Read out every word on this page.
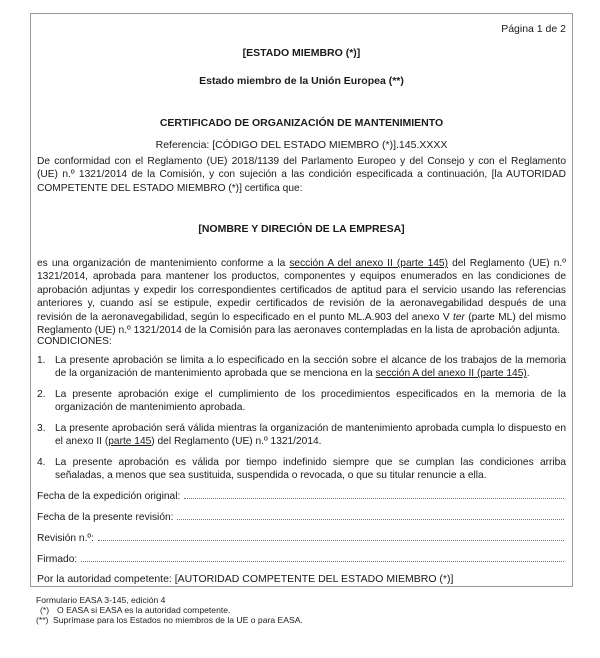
Página 1 de 2
[ESTADO MIEMBRO (*)]
Estado miembro de la Unión Europea (**)
CERTIFICADO DE ORGANIZACIÓN DE MANTENIMIENTO
Referencia: [CÓDIGO DEL ESTADO MIEMBRO (*)].145.XXXX
De conformidad con el Reglamento (UE) 2018/1139 del Parlamento Europeo y del Consejo y con el Reglamento (UE) n.º 1321/2014 de la Comisión, y con sujeción a las condición especificada a continuación, [la AUTORIDAD COMPETENTE DEL ESTADO MIEMBRO (*)] certifica que:
[NOMBRE Y DIRECIÓN DE LA EMPRESA]
es una organización de mantenimiento conforme a la sección A del anexo II (parte 145) del Reglamento (UE) n.º 1321/2014, aprobada para mantener los productos, componentes y equipos enumerados en las condiciones de aprobación adjuntas y expedir los correspondientes certificados de aptitud para el servicio usando las referencias anteriores y, cuando así se estipule, expedir certificados de revisión de la aeronavegabilidad después de una revisión de la aeronavegabilidad, según lo especificado en el punto ML.A.903 del anexo V ter (parte ML) del mismo Reglamento (UE) n.º 1321/2014 de la Comisión para las aeronaves contempladas en la lista de aprobación adjunta.
CONDICIONES:
1. La presente aprobación se limita a lo especificado en la sección sobre el alcance de los trabajos de la memoria de la organización de mantenimiento aprobada que se menciona en la sección A del anexo II (parte 145).
2. La presente aprobación exige el cumplimiento de los procedimientos especificados en la memoria de la organización de mantenimiento aprobada.
3. La presente aprobación será válida mientras la organización de mantenimiento aprobada cumpla lo dispuesto en el anexo II (parte 145) del Reglamento (UE) n.º 1321/2014.
4. La presente aprobación es válida por tiempo indefinido siempre que se cumplan las condiciones arriba señaladas, a menos que sea sustituida, suspendida o revocada, o que su titular renuncie a ella.
Fecha de la expedición original:
Fecha de la presente revisión:
Revisión n.º:
Firmado:
Por la autoridad competente: [AUTORIDAD COMPETENTE DEL ESTADO MIEMBRO (*)]
Formulario EASA 3-145, edición 4
(*) O EASA si EASA es la autoridad competente.
(**) Suprímase para los Estados no miembros de la UE o para EASA.
